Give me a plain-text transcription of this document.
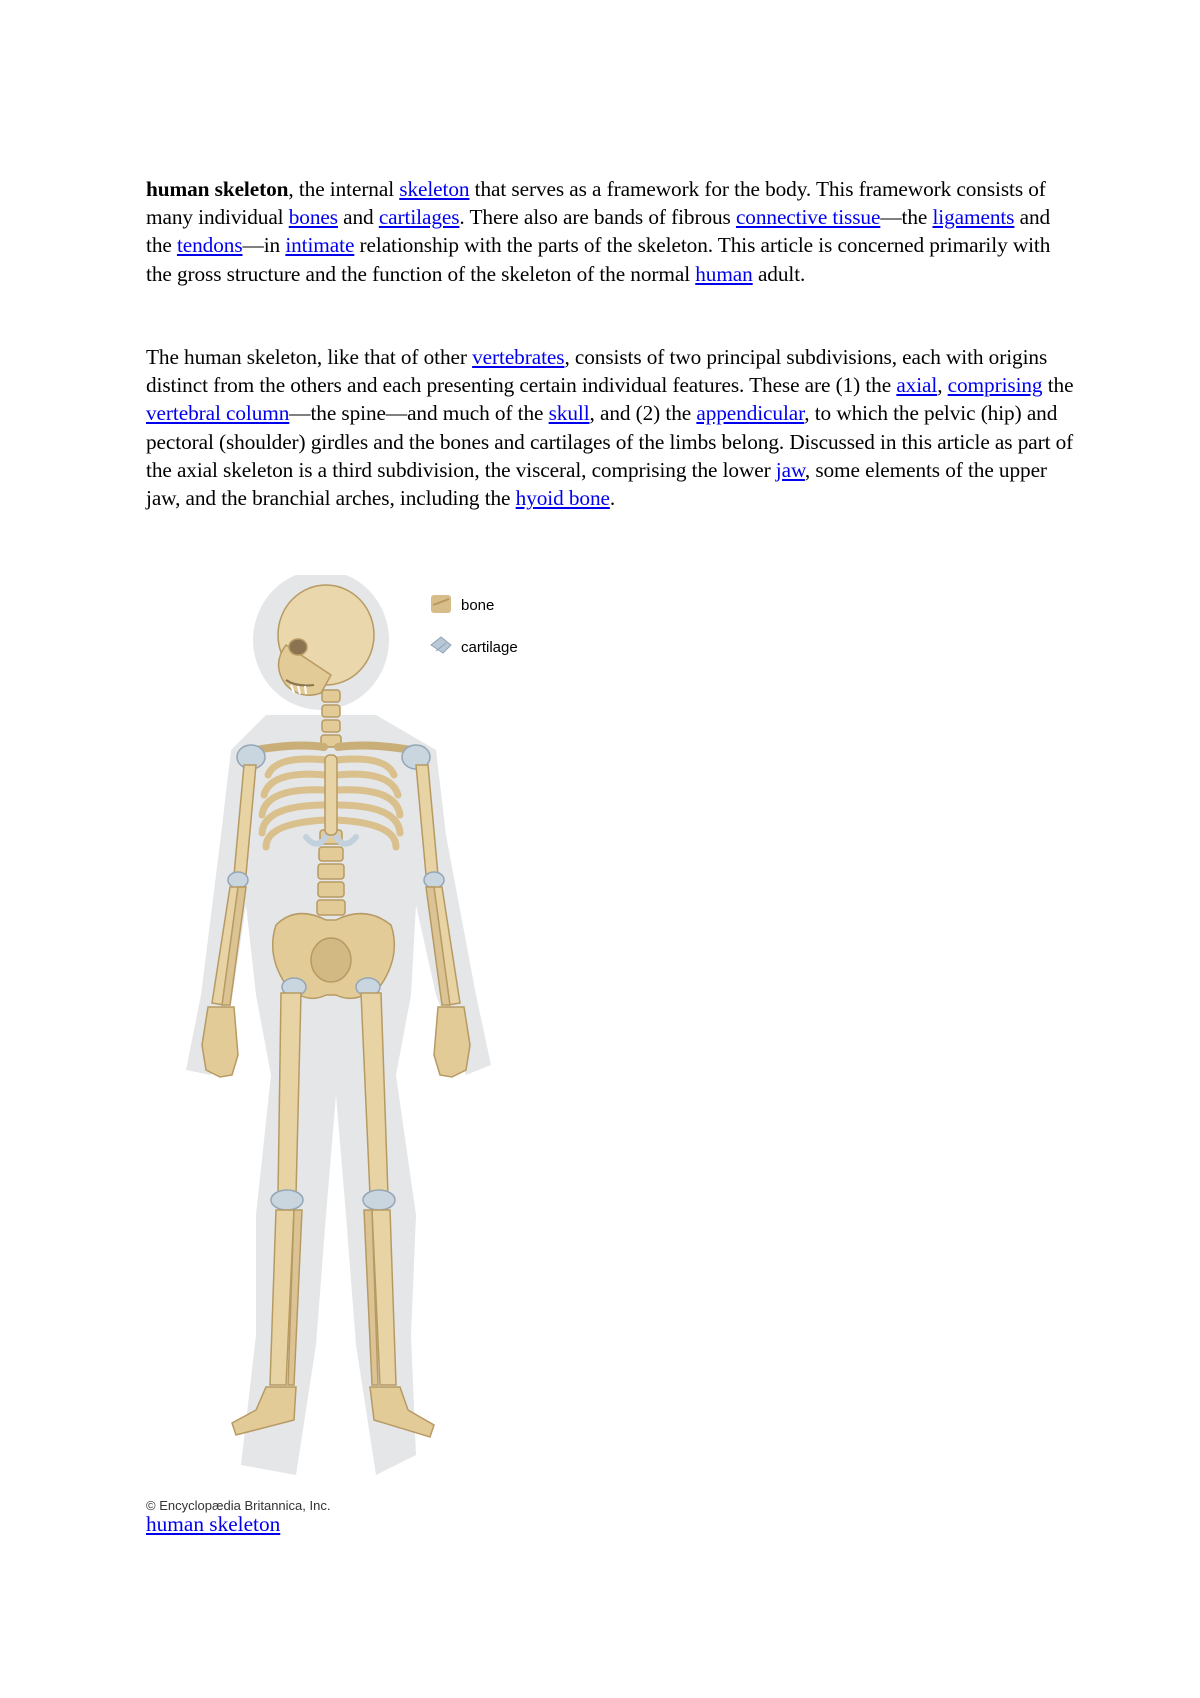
human skeleton, the internal skeleton that serves as a framework for the body. This framework consists of many individual bones and cartilages. There also are bands of fibrous connective tissue—the ligaments and the tendons—in intimate relationship with the parts of the skeleton. This article is concerned primarily with the gross structure and the function of the skeleton of the normal human adult.

The human skeleton, like that of other vertebrates, consists of two principal subdivisions, each with origins distinct from the others and each presenting certain individual features. These are (1) the axial, comprising the vertebral column—the spine—and much of the skull, and (2) the appendicular, to which the pelvic (hip) and pectoral (shoulder) girdles and the bones and cartilages of the limbs belong. Discussed in this article as part of the axial skeleton is a third subdivision, the visceral, comprising the lower jaw, some elements of the upper jaw, and the branchial arches, including the hyoid bone.

bone
cartilage
© Encyclopædia Britannica, Inc.
human skeleton
